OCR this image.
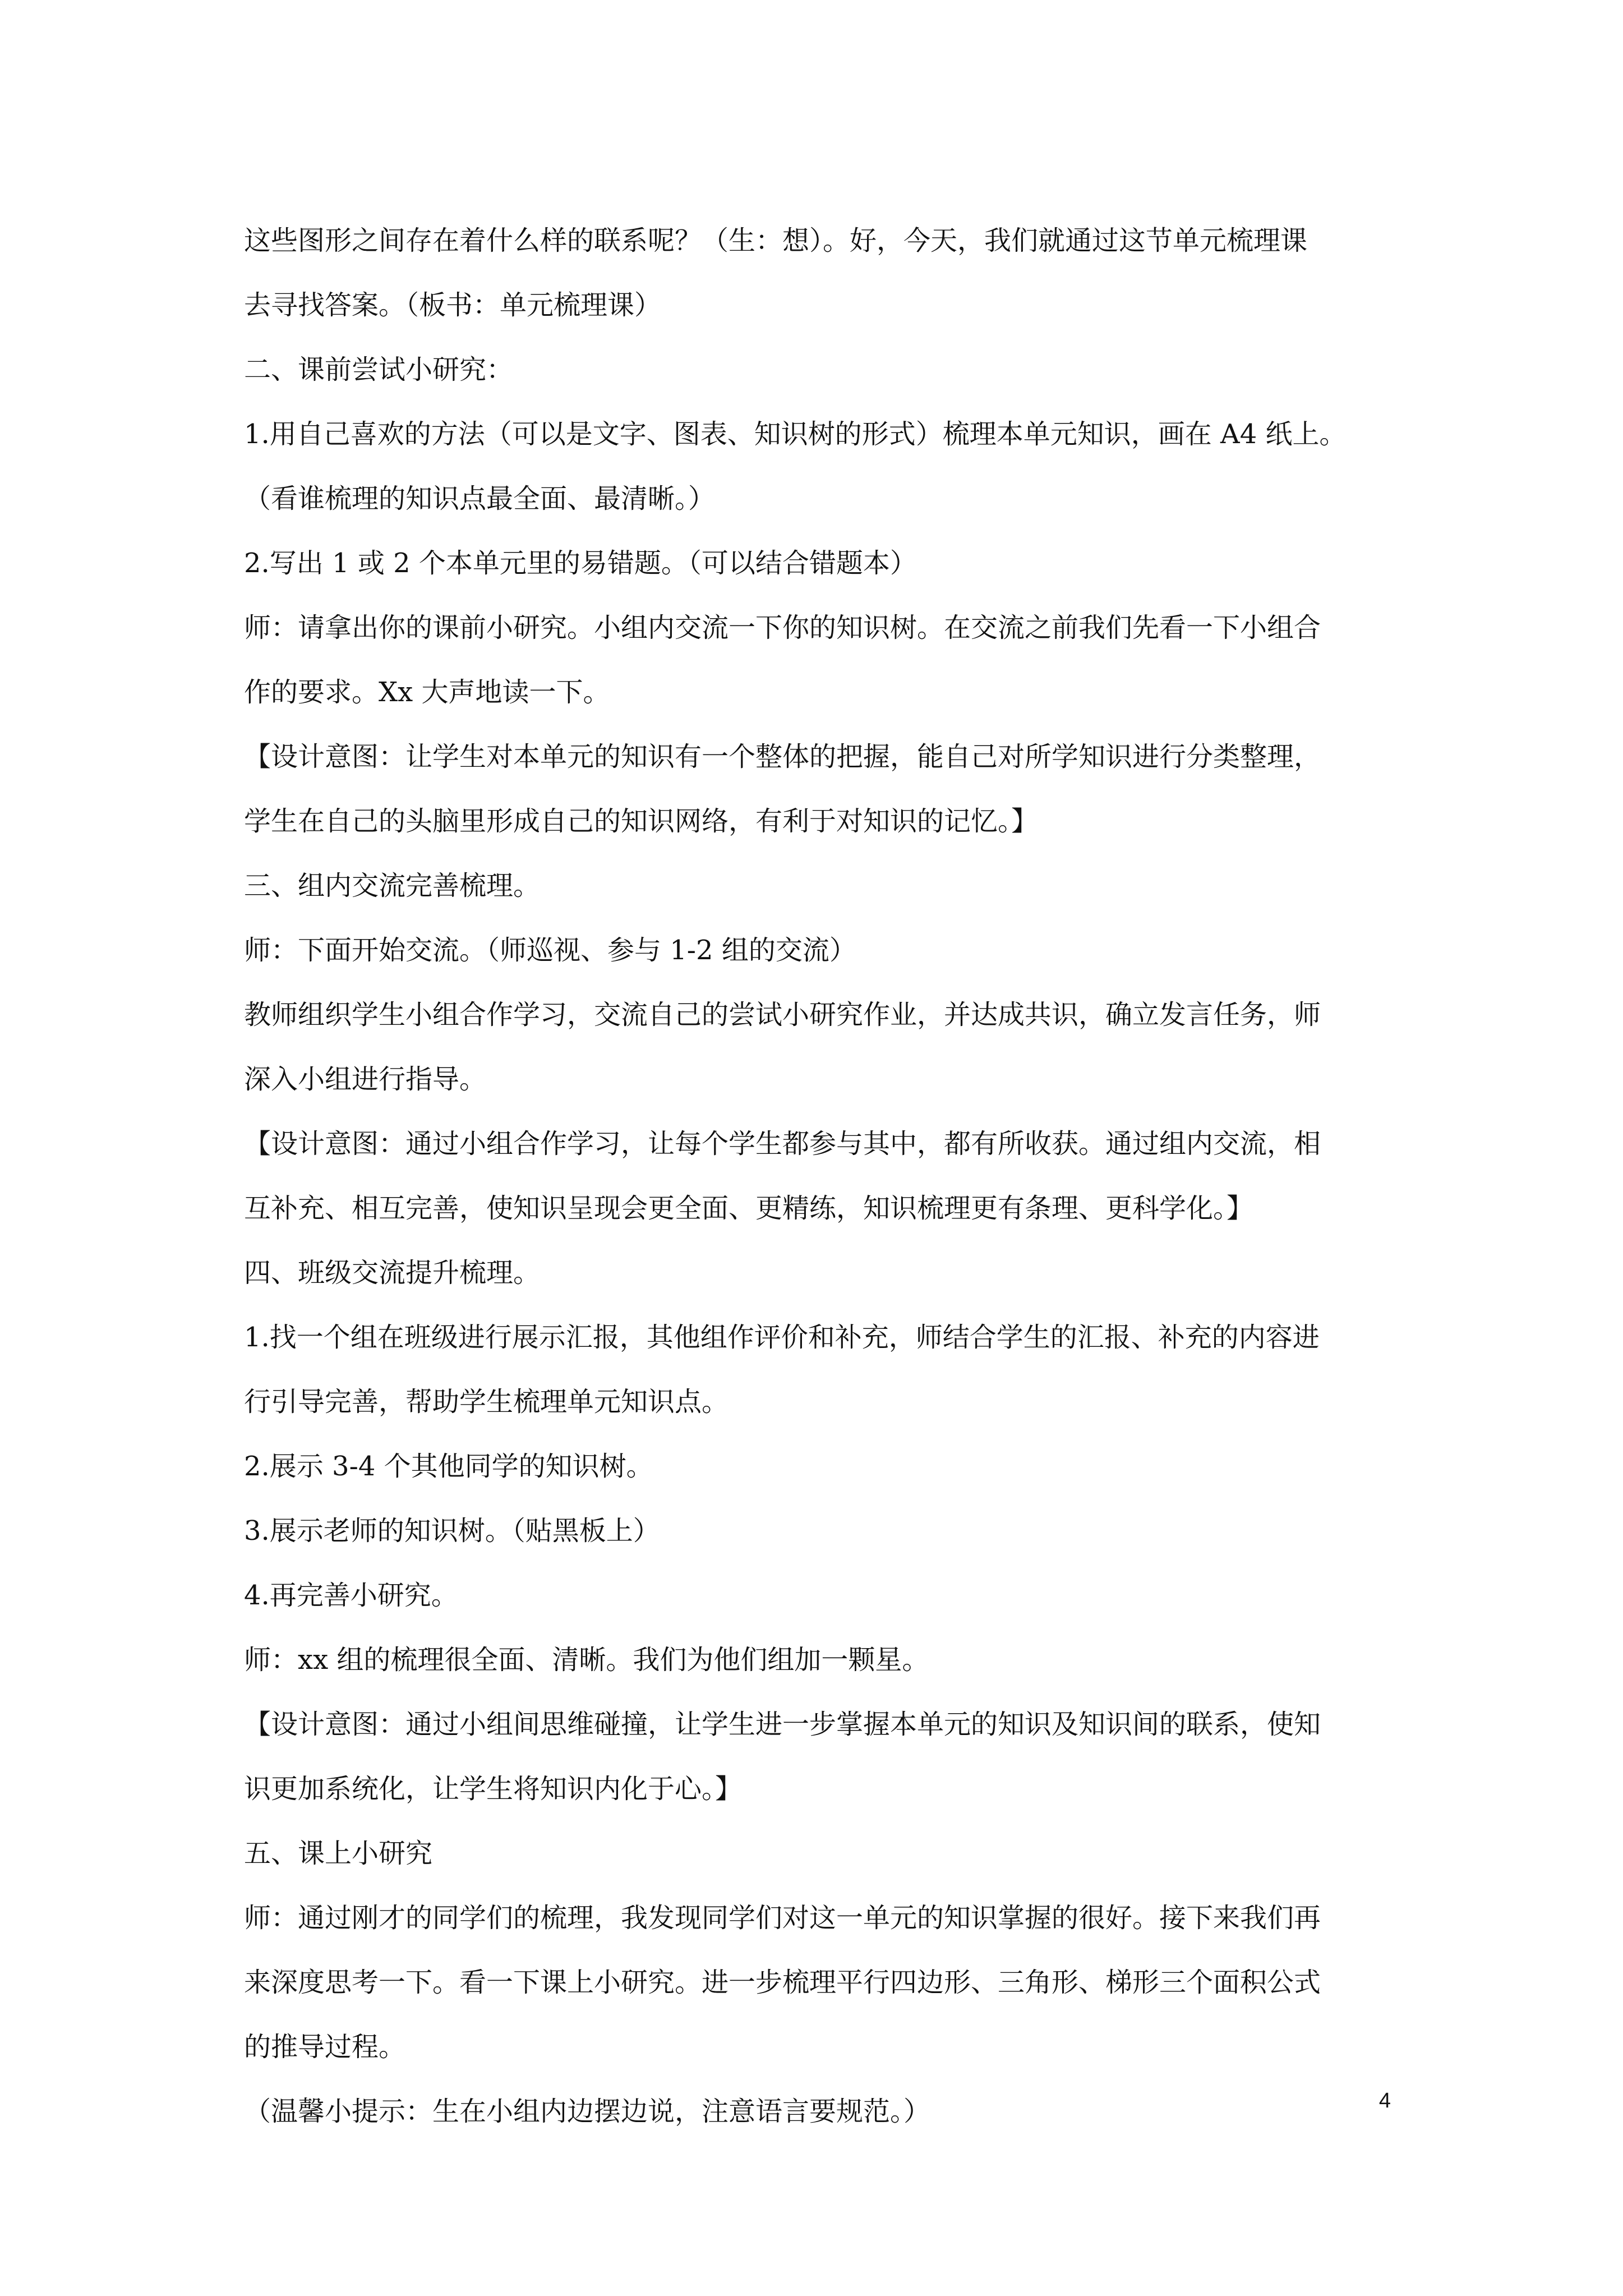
这些图形之间存在着什么样的联系呢？（生：想）。好，今天，我们就通过这节单元梳理课
去寻找答案。（板书：单元梳理课）
二、课前尝试小研究：
1.用自己喜欢的方法（可以是文字、图表、知识树的形式）梳理本单元知识，画在 A4 纸上。
（看谁梳理的知识点最全面、最清晰。）
2.写出 1 或 2 个本单元里的易错题。（可以结合错题本）
师：请拿出你的课前小研究。小组内交流一下你的知识树。在交流之前我们先看一下小组合
作的要求。Xx 大声地读一下。
【设计意图：让学生对本单元的知识有一个整体的把握，能自己对所学知识进行分类整理，
学生在自己的头脑里形成自己的知识网络，有利于对知识的记忆。】
三、组内交流完善梳理。
师：下面开始交流。（师巡视、参与 1-2 组的交流）
教师组织学生小组合作学习，交流自己的尝试小研究作业，并达成共识，确立发言任务，师
深入小组进行指导。
【设计意图：通过小组合作学习，让每个学生都参与其中，都有所收获。通过组内交流，相
互补充、相互完善，使知识呈现会更全面、更精练，知识梳理更有条理、更科学化。】
四、班级交流提升梳理。
1.找一个组在班级进行展示汇报，其他组作评价和补充，师结合学生的汇报、补充的内容进
行引导完善，帮助学生梳理单元知识点。
2.展示 3-4 个其他同学的知识树。
3.展示老师的知识树。（贴黑板上）
4.再完善小研究。
师：xx 组的梳理很全面、清晰。我们为他们组加一颗星。
【设计意图：通过小组间思维碰撞，让学生进一步掌握本单元的知识及知识间的联系，使知
识更加系统化，让学生将知识内化于心。】
五、课上小研究
师：通过刚才的同学们的梳理，我发现同学们对这一单元的知识掌握的很好。接下来我们再
来深度思考一下。看一下课上小研究。进一步梳理平行四边形、三角形、梯形三个面积公式
的推导过程。
（温馨小提示：生在小组内边摆边说，注意语言要规范。）	4
